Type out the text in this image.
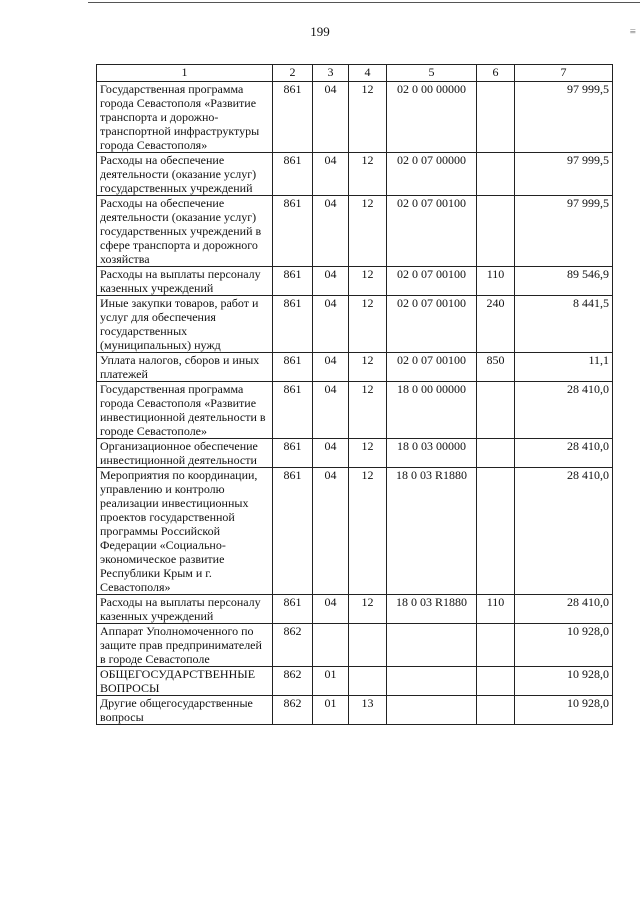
≡
199
1	2	3	4	5	6	7
Государственная программа города Севастополя «Развитие транспорта и дорожно-транспортной инфраструктуры города Севастополя»	861	04	12	02 0 00 00000		97 999,5
Расходы на обеспечение деятельности (оказание услуг) государственных учреждений	861	04	12	02 0 07 00000		97 999,5
Расходы на обеспечение деятельности (оказание услуг) государственных учреждений в сфере транспорта и дорожного хозяйства	861	04	12	02 0 07 00100		97 999,5
Расходы на выплаты персоналу казенных учреждений	861	04	12	02 0 07 00100	110	89 546,9
Иные закупки товаров, работ и услуг для обеспечения государственных (муниципальных) нужд	861	04	12	02 0 07 00100	240	8 441,5
Уплата налогов, сборов и иных платежей	861	04	12	02 0 07 00100	850	11,1
Государственная программа города Севастополя «Развитие инвестиционной деятельности в городе Севастополе»	861	04	12	18 0 00 00000		28 410,0
Организационное обеспечение инвестиционной деятельности	861	04	12	18 0 03 00000		28 410,0
Мероприятия по координации, управлению и контролю реализации инвестиционных проектов государственной программы Российской Федерации «Социально-экономическое развитие Республики Крым и г. Севастополя»	861	04	12	18 0 03 R1880		28 410,0
Расходы на выплаты персоналу казенных учреждений	861	04	12	18 0 03 R1880	110	28 410,0
Аппарат Уполномоченного по защите прав предпринимателей в городе Севастополе	862					10 928,0
ОБЩЕГОСУДАРСТВЕННЫЕ ВОПРОСЫ	862	01				10 928,0
Другие общегосударственные вопросы	862	01	13			10 928,0
